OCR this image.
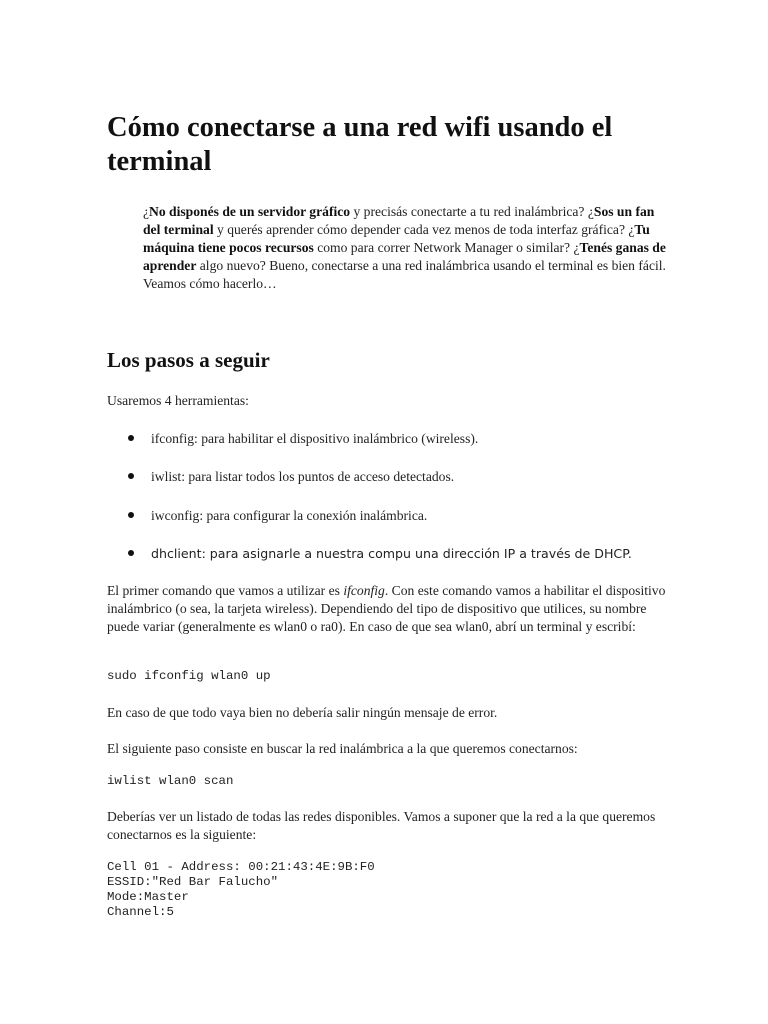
Cómo conectarse a una red wifi usando el terminal

¿No disponés de un servidor gráfico y precisás conectarte a tu red inalámbrica? ¿Sos un fan del terminal y querés aprender cómo depender cada vez menos de toda interfaz gráfica? ¿Tu máquina tiene pocos recursos como para correr Network Manager o similar? ¿Tenés ganas de aprender algo nuevo? Bueno, conectarse a una red inalámbrica usando el terminal es bien fácil. Veamos cómo hacerlo…

Los pasos a seguir

Usaremos 4 herramientas:

ifconfig: para habilitar el dispositivo inalámbrico (wireless).
iwlist: para listar todos los puntos de acceso detectados.
iwconfig: para configurar la conexión inalámbrica.
dhclient: para asignarle a nuestra compu una dirección IP a través de DHCP.

El primer comando que vamos a utilizar es ifconfig. Con este comando vamos a habilitar el dispositivo inalámbrico (o sea, la tarjeta wireless). Dependiendo del tipo de dispositivo que utilices, su nombre puede variar (generalmente es wlan0 o ra0). En caso de que sea wlan0, abrí un terminal y escribí:

sudo ifconfig wlan0 up

En caso de que todo vaya bien no debería salir ningún mensaje de error.

El siguiente paso consiste en buscar la red inalámbrica a la que queremos conectarnos:

iwlist wlan0 scan

Deberías ver un listado de todas las redes disponibles. Vamos a suponer que la red a la que queremos conectarnos es la siguiente:

Cell 01 - Address: 00:21:43:4E:9B:F0
ESSID:"Red Bar Falucho"
Mode:Master
Channel:5
